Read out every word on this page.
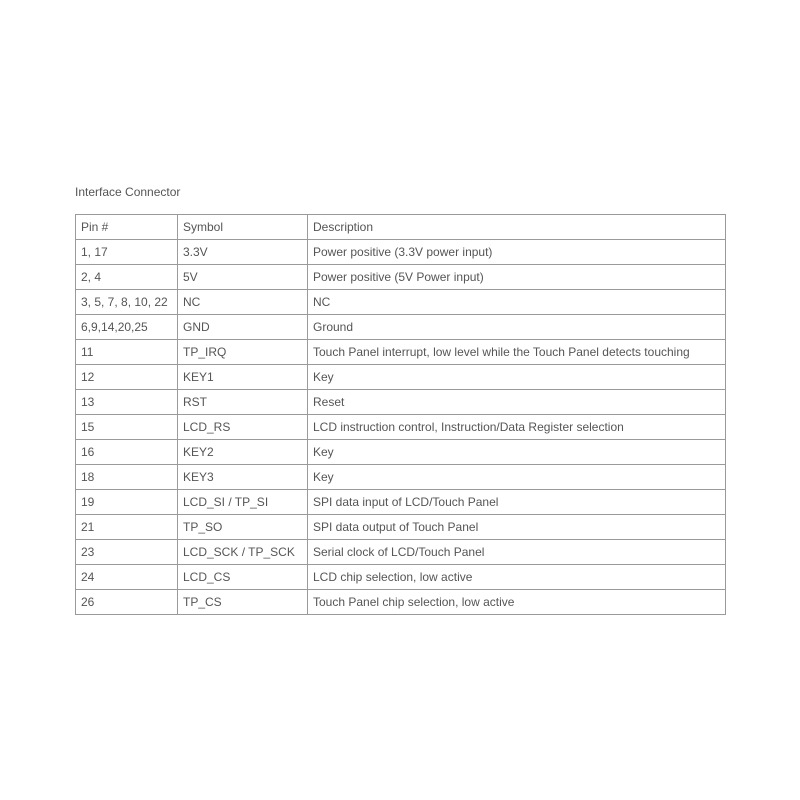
Interface Connector
Pin #	Symbol	Description
1, 17	3.3V	Power positive (3.3V power input)
2, 4	5V	Power positive (5V Power input)
3, 5, 7, 8, 10, 22	NC	NC
6,9,14,20,25	GND	Ground
11	TP_IRQ	Touch Panel interrupt, low level while the Touch Panel detects touching
12	KEY1	Key
13	RST	Reset
15	LCD_RS	LCD instruction control, Instruction/Data Register selection
16	KEY2	Key
18	KEY3	Key
19	LCD_SI / TP_SI	SPI data input of LCD/Touch Panel
21	TP_SO	SPI data output of Touch Panel
23	LCD_SCK / TP_SCK	Serial clock of LCD/Touch Panel
24	LCD_CS	LCD chip selection, low active
26	TP_CS	Touch Panel chip selection, low active
